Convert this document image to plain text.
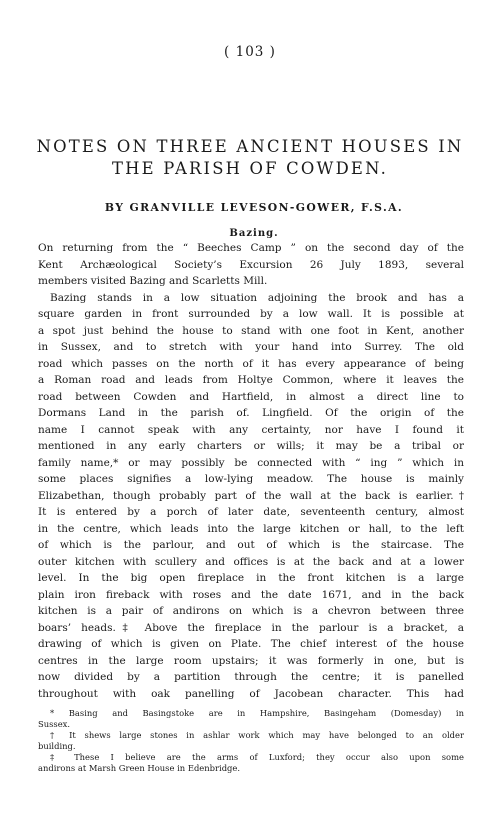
( 103 )
NOTES ON THREE ANCIENT HOUSES IN
THE PARISH OF COWDEN.
BY GRANVILLE LEVESON-GOWER, F.S.A.
Bazing.
On returning from the “ Beeches Camp ” on the second day of the
Kent Archæological Society’s Excursion 26 July 1893, several
members visited Bazing and Scarletts Mill.
Bazing stands in a low situation adjoining the brook and has a
square garden in front surrounded by a low wall. It is possible at
a spot just behind the house to stand with one foot in Kent, another
in Sussex, and to stretch with your hand into Surrey. The old
road which passes on the north of it has every appearance of being
a Roman road and leads from Holtye Common, where it leaves the
road between Cowden and Hartfield, in almost a direct line to
Dormans Land in the parish of. Lingfield. Of the origin of the
name I cannot speak with any certainty, nor have I found it
mentioned in any early charters or wills; it may be a tribal or
family name,* or may possibly be connected with “ ing ” which in
some places signifies a low-lying meadow. The house is mainly
Elizabethan, though probably part of the wall at the back is earlier.†
It is entered by a porch of later date, seventeenth century, almost
in the centre, which leads into the large kitchen or hall, to the left
of which is the parlour, and out of which is the staircase. The
outer kitchen with scullery and offices is at the back and at a lower
level. In the big open fireplace in the front kitchen is a large
plain iron fireback with roses and the date 1671, and in the back
kitchen is a pair of andirons on which is a chevron between three
boars’ heads.‡ Above the fireplace in the parlour is a bracket, a
drawing of which is given on Plate. The chief interest of the house
centres in the large room upstairs; it was formerly in one, but is
now divided by a partition through the centre; it is panelled
throughout with oak panelling of Jacobean character. This had
* Basing and Basingstoke are in Hampshire, Basingeham (Domesday) in
Sussex.
† It shews large stones in ashlar work which may have belonged to an older
building.
‡ These I believe are the arms of Luxford; they occur also upon some
andirons at Marsh Green House in Edenbridge.
